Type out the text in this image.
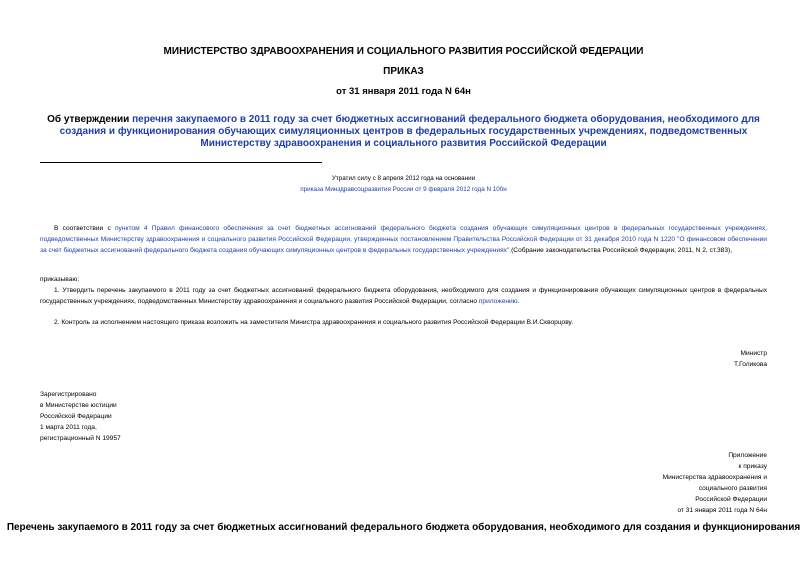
МИНИСТЕРСТВО ЗДРАВООХРАНЕНИЯ И СОЦИАЛЬНОГО РАЗВИТИЯ РОССИЙСКОЙ ФЕДЕРАЦИИ
ПРИКАЗ
от 31 января 2011 года N 64н
Об утверждении перечня закупаемого в 2011 году за счет бюджетных ассигнований федерального бюджета оборудования, необходимого для создания и функционирования обучающих симуляционных центров в федеральных государственных учреждениях, подведомственных Министерству здравоохранения и социального развития Российской Федерации
Утратил силу с 8 апреля 2012 года на основании
приказа Минздравсоцразвития России от 9 февраля 2012 года N 100н
В соответствии с пунктом 4 Правил финансового обеспечения за счет бюджетных ассигнований федерального бюджета создания обучающих симуляционных центров в федеральных государственных учреждениях, подведомственных Министерству здравоохранения и социального развития Российской Федерации, утвержденных постановлением Правительства Российской Федерации от 31 декабря 2010 года N 1220 "О финансовом обеспечении за счет бюджетных ассигнований федерального бюджета создания обучающих симуляционных центров в федеральных государственных учреждениях" (Собрание законодательства Российской Федерации, 2011, N 2, ст.383),
приказываю:
1. Утвердить перечень закупаемого в 2011 году за счет бюджетных ассигнований федерального бюджета оборудования, необходимого для создания и функционирования обучающих симуляционных центров в федеральных государственных учреждениях, подведомственных Министерству здравоохранения и социального развития Российской Федерации, согласно приложению.
2. Контроль за исполнением настоящего приказа возложить на заместителя Министра здравоохранения и социального развития Российской Федерации В.И.Скворцову.
Министр
Т.Голикова
Зарегистрировано
в Министерстве юстиции
Российской Федерации
1 марта 2011 года,
регистрационный N 19957
Приложение
к приказу
Министерства здравоохранения и
социального развития
Российской Федерации
от 31 января 2011 года N 64н
Перечень закупаемого в 2011 году за счет бюджетных ассигнований федерального бюджета оборудования, необходимого для создания и функционирования
